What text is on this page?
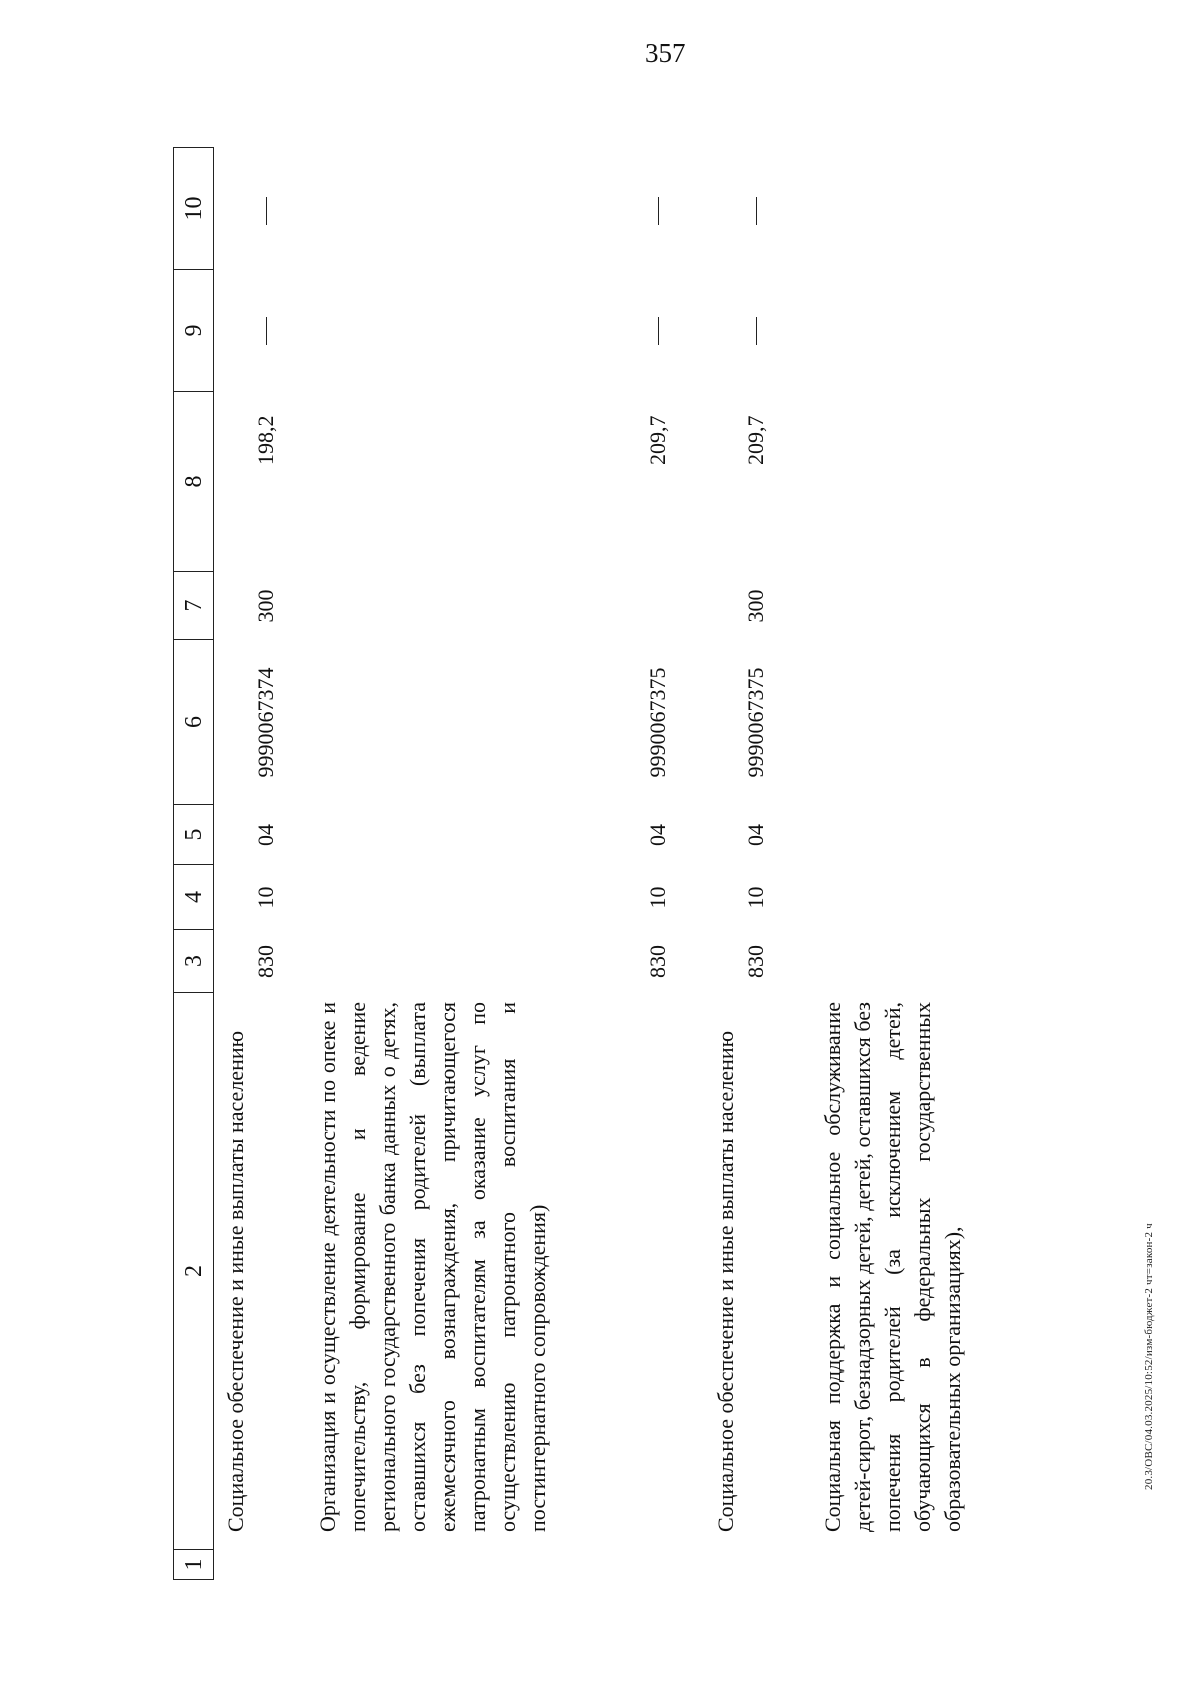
357
20.3/ОВС/04.03.2025/10:52/изм-бюджет-2 чт=закон-2 ч
1
2
3
4
5
6
7
8
9
10
Социальное обеспечение и иные выплаты населению
830
10
04
9990067374
300
198,2
Организация и осуществление деятельности по опеке и попечительству, формирование и ведение регионального государственного банка данных о детях, оставшихся без попечения родителей (выплата ежемесячного вознаграждения, причитающегося патронатным воспитателям за оказание услуг по осуществлению патронатного воспитания и постинтернатного сопровождения)
830
10
04
9990067375
209,7
Социальное обеспечение и иные выплаты населению
830
10
04
9990067375
300
209,7
Социальная поддержка и социальное обслуживание детей-сирот, безнадзорных детей, детей, оставшихся без попечения родителей (за исключением детей, обучающихся в федеральных государственных образовательных организациях),
